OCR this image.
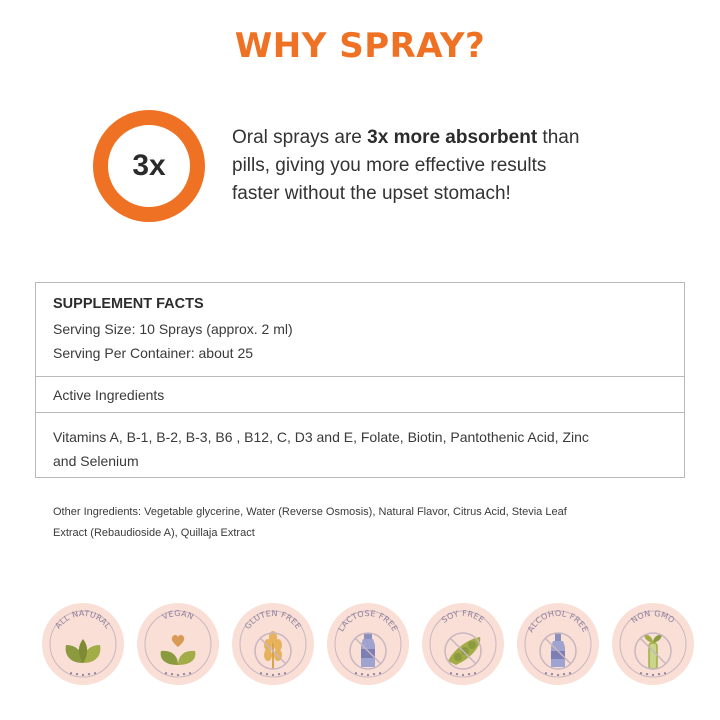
WHY SPRAY?
3x
Oral sprays are 3x more absorbent than pills, giving you more effective results faster without the upset stomach!
SUPPLEMENT FACTS
Serving Size: 10 Sprays (approx. 2 ml)
Serving Per Container: about 25
Active Ingredients
Vitamins A, B-1, B-2, B-3, B6 , B12, C, D3 and E, Folate, Biotin, Pantothenic Acid, Zinc and Selenium
Other Ingredients: Vegetable glycerine, Water (Reverse Osmosis), Natural Flavor, Citrus Acid, Stevia Leaf Extract (Rebaudioside A), Quillaja Extract
ALL NATURAL
VEGAN
GLUTEN FREE	LACTOSE FREE
SOY FREE
ALCOHOL FREE
NON GMO
